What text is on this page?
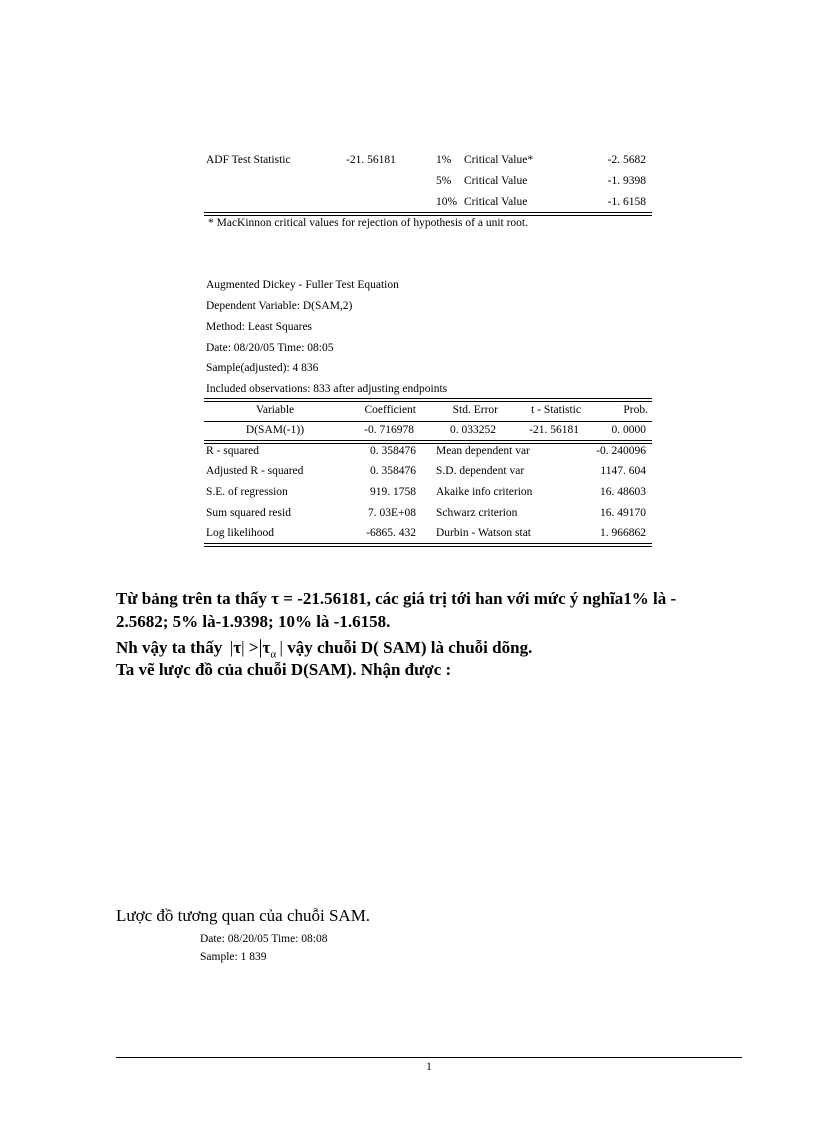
ADF Test Statistic	-21. 56181	1% Critical Value*	-2. 5682
5% Critical Value	-1. 9398
10% Critical Value	-1. 6158
* MacKinnon critical values for rejection of hypothesis of a unit root.
Augmented Dickey - Fuller Test Equation
Dependent Variable: D(SAM,2)
Method: Least Squares
Date: 08/20/05 Time: 08:05
Sample(adjusted): 4 836
Included observations: 833 after adjusting endpoints
Variable	Coefficient	Std. Error	t - Statistic	Prob.
D(SAM(-1))	-0. 716978	0. 033252	-21. 56181	0. 0000
R - squared	0. 358476 Mean dependent var	-0. 240096
Adjusted R - squared	0. 358476 S.D. dependent var	1147. 604
S.E. of regression	919. 1758 Akaike info criterion	16. 48603
Sum squared resid	7. 03E+08 Schwarz criterion	16. 49170
Log likelihood	-6865. 432 Durbin - Watson stat	1. 966862
Từ bảng trên ta thấy τ = -21.56181, các giá trị tới han với mức ý nghĩa1% là -
2.5682; 5% là-1.9398; 10% là -1.6158.
Nh vậy ta thấy  $|\tau| >|\tau_\alpha$ | vậy chuỗi D( SAM) là chuỗi dõng.
Ta vẽ lược đồ của chuỗi D(SAM). Nhận được :
Lược đồ tương quan của chuỗi SAM.
Date: 08/20/05 Time: 08:08
Sample: 1 839
1
